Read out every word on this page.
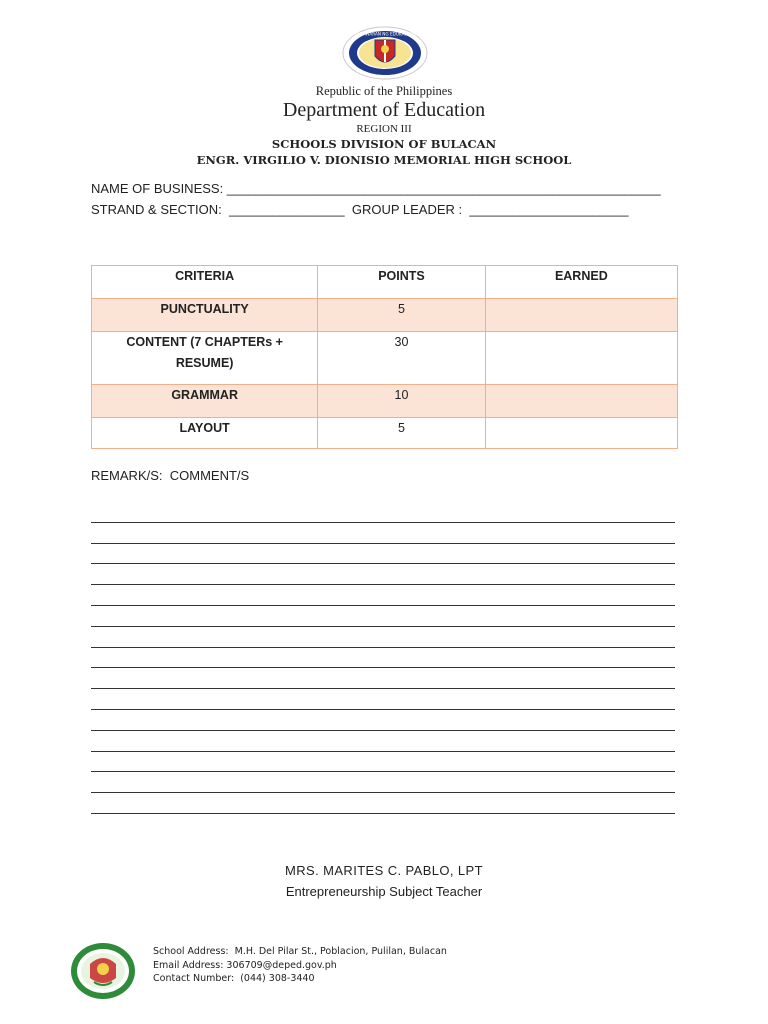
KAGAWARAN NG EDUKASYON
Republic of the Philippines
Department of Education
REGION III
SCHOOLS DIVISION OF BULACAN
ENGR. VIRGILIO V. DIONISIO MEMORIAL HIGH SCHOOL
NAME OF BUSINESS: ____________________________________________________________
STRAND & SECTION:  ________________  GROUP LEADER :  ______________________
CRITERIA	POINTS	EARNED
PUNCTUALITY	5	
CONTENT (7 CHAPTERs + RESUME)	30	
GRAMMAR	10	
LAYOUT	5	
REMARK/S:  COMMENT/S
MRS. MARITES C. PABLO, LPT
Entrepreneurship Subject Teacher
School Address:  M.H. Del Pilar St., Poblacion, Pulilan, Bulacan
Email Address: 306709@deped.gov.ph
Contact Number:  (044) 308-3440
